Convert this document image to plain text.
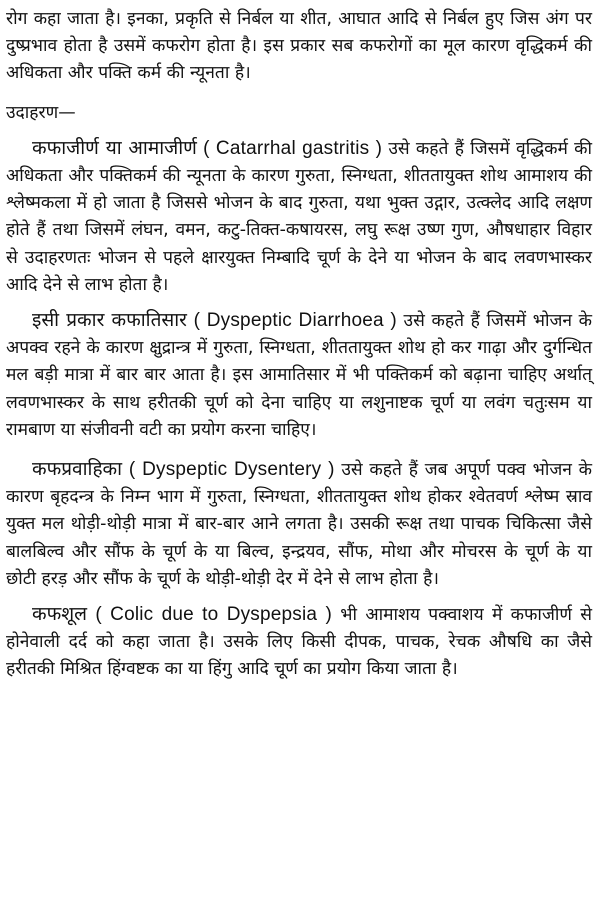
रोग कहा जाता है। इनका, प्रकृति से निर्बल या शीत, आघात आदि से निर्बल हुए जिस अंग पर दुष्प्रभाव होता है उसमें कफरोग होता है। इस प्रकार सब कफरोगों का मूल कारण वृद्धिकर्म की अधिकता और पक्ति कर्म की न्यूनता है।

उदाहरण—

कफाजीर्ण या आमाजीर्ण ( Catarrhal gastritis ) उसे कहते हैं जिसमें वृद्धिकर्म की अधिकता और पक्तिकर्म की न्यूनता के कारण गुरुता, स्निग्धता, शीततायुक्त शोथ आमाशय की श्लेष्मकला में हो जाता है जिससे भोजन के बाद गुरुता, यथा भुक्त उद्गार, उत्क्लेद आदि लक्षण होते हैं तथा जिसमें लंघन, वमन, कटु-तिक्त-कषायरस, लघु रूक्ष उष्ण गुण, औषधाहार विहार से उदाहरणतः भोजन से पहले क्षारयुक्त निम्बादि चूर्ण के देने या भोजन के बाद लवणभास्कर आदि देने से लाभ होता है।

इसी प्रकार कफातिसार ( Dyspeptic Diarrhoea ) उसे कहते हैं जिसमें भोजन के अपक्व रहने के कारण क्षुद्रान्त्र में गुरुता, स्निग्धता, शीततायुक्त शोथ हो कर गाढ़ा और दुर्गन्धित मल बड़ी मात्रा में बार बार आता है। इस आमातिसार में भी पक्तिकर्म को बढ़ाना चाहिए अर्थात् लवणभास्कर के साथ हरीतकी चूर्ण को देना चाहिए या लशुनाष्टक चूर्ण या लवंग चतुःसम या रामबाण या संजीवनी वटी का प्रयोग करना चाहिए।

कफप्रवाहिका ( Dyspeptic Dysentery ) उसे कहते हैं जब अपूर्ण पक्व भोजन के कारण बृहदन्त्र के निम्न भाग में गुरुता, स्निग्धता, शीततायुक्त शोथ होकर श्वेतवर्ण श्लेष्म स्राव युक्त मल थोड़ी-थोड़ी मात्रा में बार-बार आने लगता है। उसकी रूक्ष तथा पाचक चिकित्सा जैसे बालबिल्व और सौंफ के चूर्ण के या बिल्व, इन्द्रयव, सौंफ, मोथा और मोचरस के चूर्ण के या छोटी हरड़ और सौंफ के चूर्ण के थोड़ी-थोड़ी देर में देने से लाभ होता है।

कफशूल ( Colic due to Dyspepsia ) भी आमाशय पक्वाशय में कफाजीर्ण से होनेवाली दर्द को कहा जाता है। उसके लिए किसी दीपक, पाचक, रेचक औषधि का जैसे हरीतकी मिश्रित हिंग्वष्टक का या हिंगु आदि चूर्ण का प्रयोग किया जाता है।
